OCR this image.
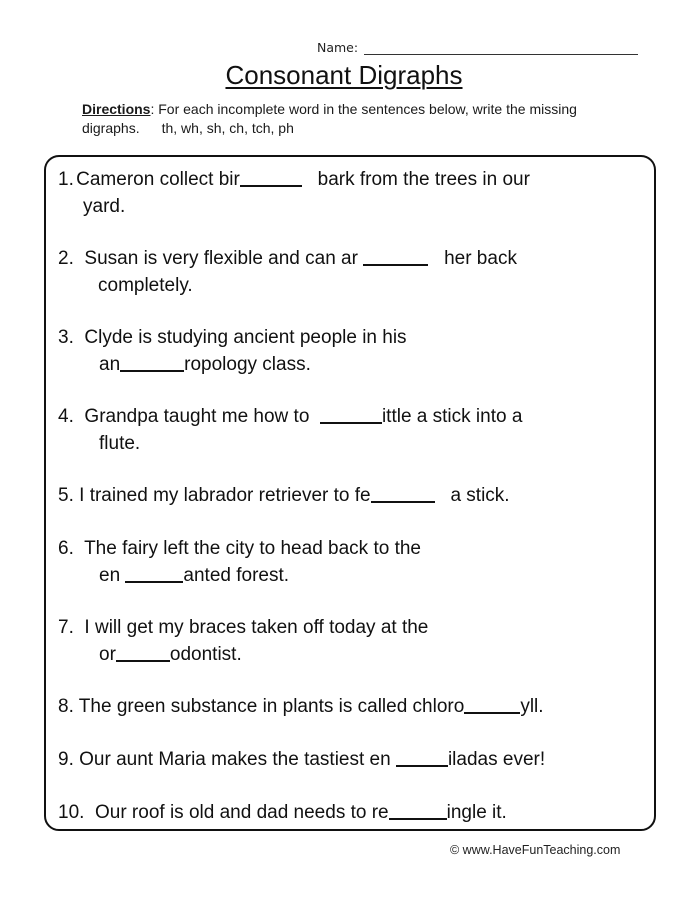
Name:
Consonant Digraphs
Directions: For each incomplete word in the sentences below, write the missing digraphs. th, wh, sh, ch, tch, ph
1. Cameron collect bir	bark from the trees in our
yard.
2.  Susan is very flexible and can ar	her back
completely.
3.  Clyde is studying ancient people in his
an	ropology class.
4.  Grandpa taught me how to	ittle a stick into a
flute.
5. I trained my labrador retriever to fe	a stick.
6.  The fairy left the city to head back to the
en	anted forest.
7.  I will get my braces taken off today at the
or	odontist.
8. The green substance in plants is called chloro	yll.
9. Our aunt Maria makes the tastiest en	iladas ever!
10.  Our roof is old and dad needs to re	ingle it.
© www.HaveFunTeaching.com
